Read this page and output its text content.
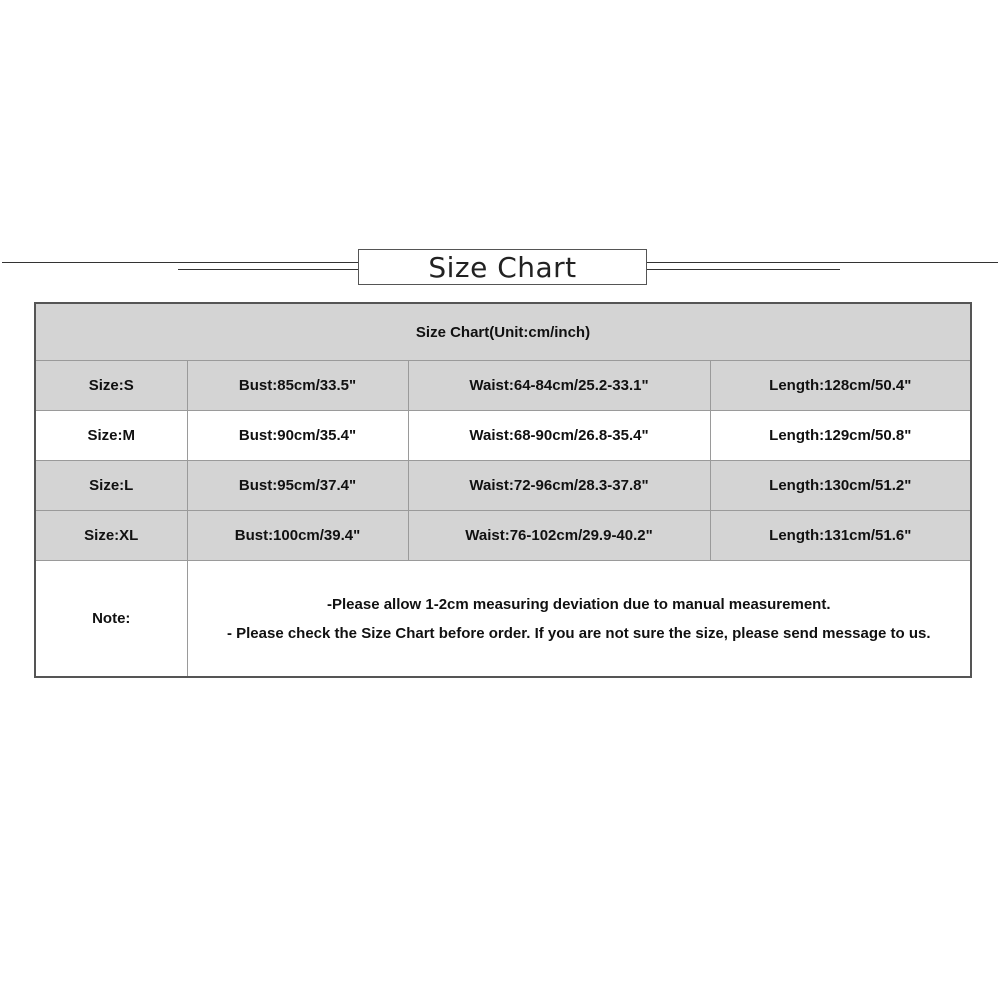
Size Chart
Size Chart(Unit:cm/inch)			
Size:S	Bust:85cm/33.5"	Waist:64-84cm/25.2-33.1"	Length:128cm/50.4"
Size:M	Bust:90cm/35.4"	Waist:68-90cm/26.8-35.4"	Length:129cm/50.8"
Size:L	Bust:95cm/37.4"	Waist:72-96cm/28.3-37.8"	Length:130cm/51.2"
Size:XL	Bust:100cm/39.4"	Waist:76-102cm/29.9-40.2"	Length:131cm/51.6"
Note:	-Please allow 1-2cm measuring deviation due to manual measurement.
- Please check the Size Chart before order. If you are not sure the size, please send message to us.		
